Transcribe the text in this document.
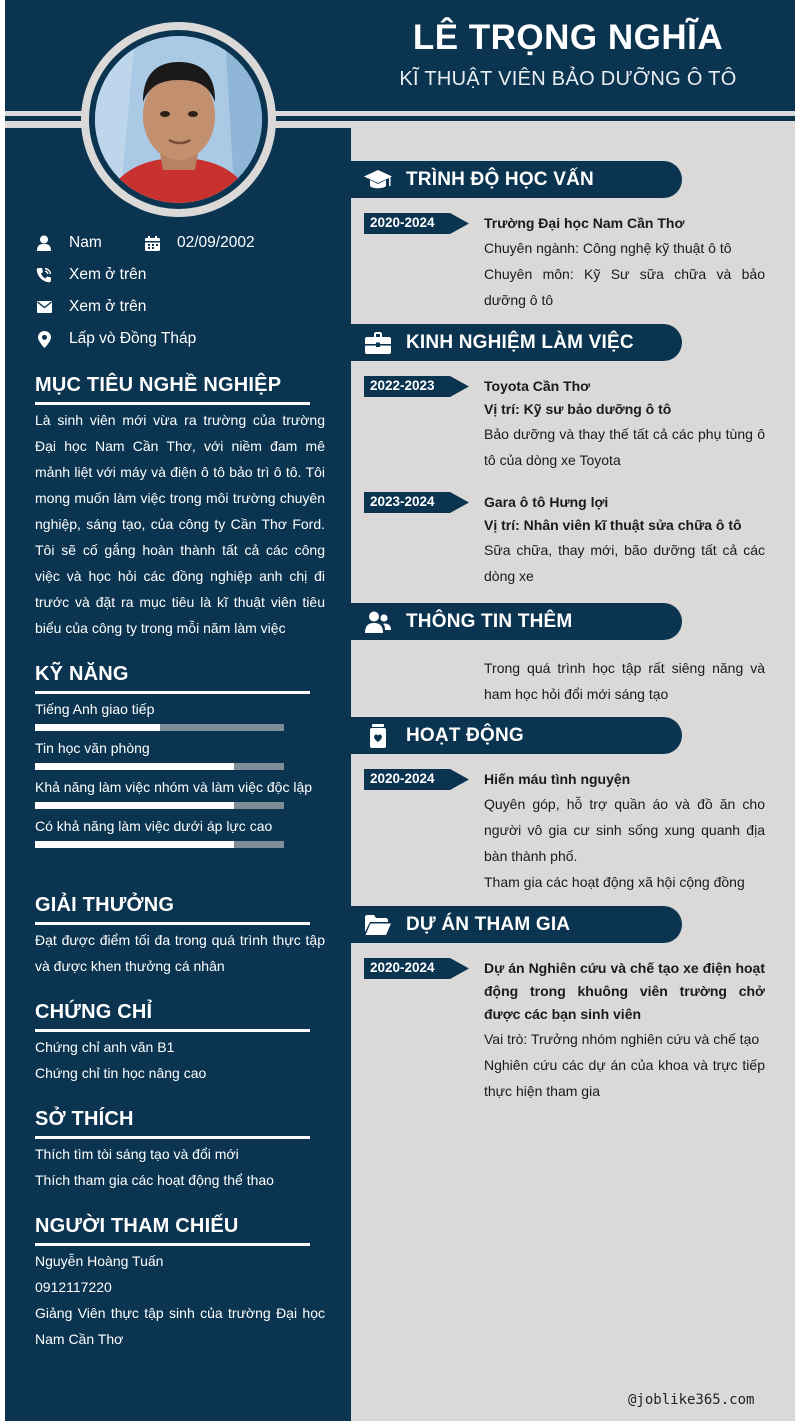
LÊ TRỌNG NGHĨA
KĨ THUẬT VIÊN BẢO DƯỠNG Ô TÔ
Nam	02/09/2002
Xem ở trên
Xem ở trên
Lấp vò Đồng Tháp
MỤC TIÊU NGHỀ NGHIỆP
Là sinh viên mới vừa ra trường của trường Đại học Nam Cần Thơ, với niềm đam mê mảnh liệt với máy và điện ô tô bảo trì ô tô. Tôi mong muốn làm việc trong môi trường chuyên nghiệp, sáng tạo, của công ty Cần Thơ Ford. Tôi sẽ cố gắng hoàn thành tất cả các công việc và học hỏi các đồng nghiệp anh chị đi trước và đặt ra mục tiêu là kĩ thuật viên tiêu biểu của công ty trong mỗi năm làm việc
KỸ NĂNG
Tiếng Anh giao tiếp
Tin học văn phòng
Khả năng làm việc nhóm và làm việc độc lập
Có khả năng làm việc dưới áp lực cao
GIẢI THƯỞNG
Đạt được điểm tối đa trong quá trình thực tập và được khen thưởng cá nhân
CHỨNG CHỈ
Chứng chỉ anh văn B1
Chứng chỉ tin học nâng cao
SỞ THÍCH
Thích tìm tòi sáng tạo và đổi mới
Thích tham gia các hoạt động thể thao
NGƯỜI THAM CHIẾU
Nguyễn Hoàng Tuấn
0912117220
Giảng Viên thực tập sinh của trường Đại học Nam Cần Thơ
TRÌNH ĐỘ HỌC VẤN
2020-2024	Trường Đại học Nam Cần Thơ
Chuyên ngành: Công nghệ kỹ thuật ô tô
Chuyên môn: Kỹ Sư sữa chữa và bảo dưỡng ô tô
KINH NGHIỆM LÀM VIỆC
2022-2023	Toyota Cần Thơ
Vị trí: Kỹ sư bảo dưỡng ô tô
Bảo dưỡng và thay thế tất cả các phụ tùng ô tô của dòng xe Toyota
2023-2024	Gara ô tô Hưng lợi
Vị trí: Nhân viên kĩ thuật sửa chữa ô tô
Sữa chữa, thay mới, bão dưỡng tất cả các dòng xe
THÔNG TIN THÊM
Trong quá trình học tập rất siêng năng và ham học hỏi đổi mới sáng tạo
HOẠT ĐỘNG
2020-2024	Hiến máu tình nguyện
Quyên góp, hỗ trợ quần áo và đồ ăn cho người vô gia cư sinh sống xung quanh địa bàn thành phố.
Tham gia các hoạt động xã hội cộng đồng
DỰ ÁN THAM GIA
2020-2024	Dự án Nghiên cứu và chế tạo xe điện hoạt động trong khuông viên trường chở được các bạn sinh viên
Vai trò: Trưởng nhóm nghiên cứu và chế tạo
Nghiên cứu các dự án của khoa và trực tiếp thực hiện tham gia
@joblike365.com
